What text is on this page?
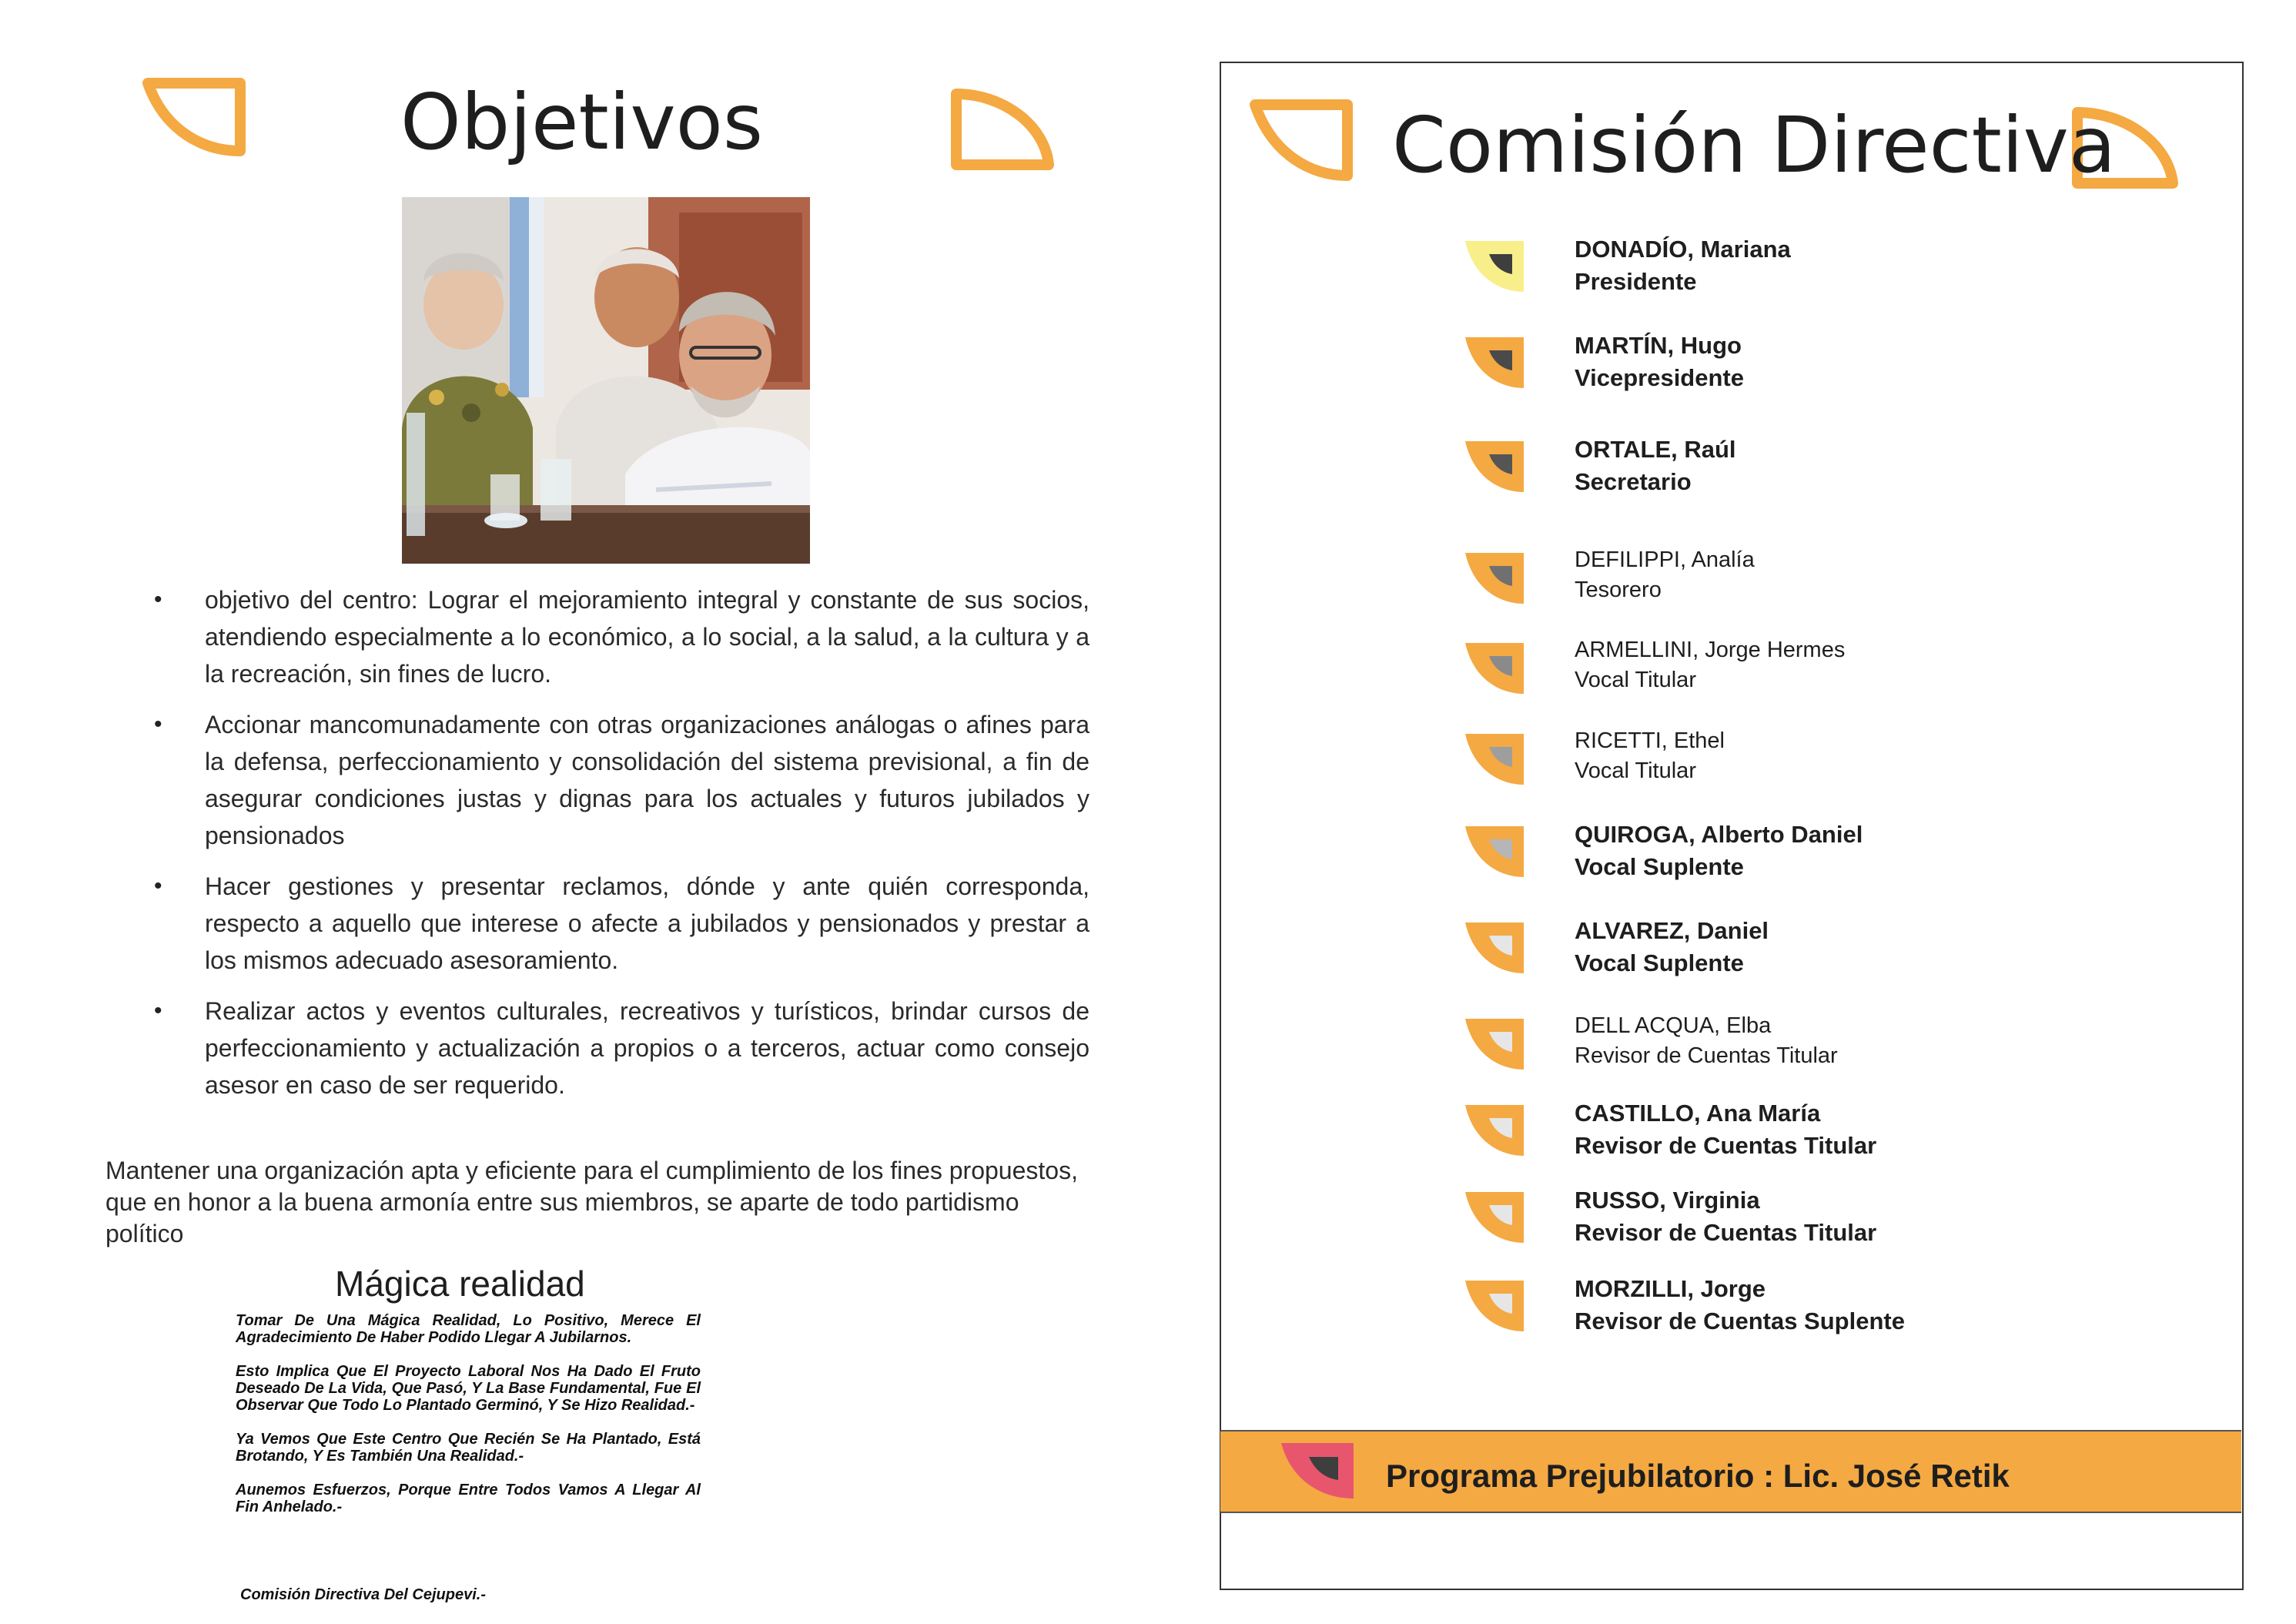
Objetivos
• objetivo del centro: Lograr el mejoramiento integral y constante de sus socios, atendiendo especialmente a lo económico, a lo social, a la salud, a la cultura y a la recreación, sin fines de lucro.
• Accionar mancomunadamente con otras organizaciones análogas o afines para la defensa, perfeccionamiento y consolidación del sistema previsional, a fin de asegurar condiciones justas y dignas para los actuales y futuros jubilados y pensionados
• Hacer gestiones y presentar reclamos, dónde y ante quién corresponda, respecto a aquello que interese o afecte a jubilados y pensionados y prestar a los mismos adecuado asesoramiento.
• Realizar actos y eventos culturales, recreativos y turísticos, brindar cursos de perfeccionamiento y actualización a propios o a terceros, actuar como consejo asesor en caso de ser requerido.
Mantener una organización apta y eficiente para el cumplimiento de los fines propuestos, que en honor a la buena armonía entre sus miembros, se aparte de todo partidismo político
Mágica realidad

Tomar De Una Mágica Realidad, Lo Positivo, Merece El Agradecimiento De Haber Podido Llegar A Jubilarnos.

Esto Implica Que El Proyecto Laboral Nos Ha Dado El Fruto Deseado De La Vida, Que Pasó, Y La Base Fundamental, Fue El Observar Que Todo Lo Plantado Germinó, Y Se Hizo Realidad.-

Ya Vemos Que Este Centro Que Recién Se Ha Plantado, Está Brotando, Y Es También Una Realidad.-

Aunemos Esfuerzos, Porque Entre Todos Vamos A Llegar Al Fin Anhelado.-

Comisión Directiva Del Cejupevi.-
Comisión Directiva
DONADÍO, Mariana
Presidente
MARTÍN, Hugo
Vicepresidente
ORTALE, Raúl
Secretario
DEFILIPPI, Analía
Tesorero
ARMELLINI, Jorge Hermes
Vocal Titular
RICETTI, Ethel
Vocal Titular
QUIROGA, Alberto Daniel
Vocal Suplente
ALVAREZ, Daniel
Vocal Suplente
DELL ACQUA, Elba
Revisor de Cuentas Titular
CASTILLO, Ana María
Revisor de Cuentas Titular
RUSSO, Virginia
Revisor de Cuentas Titular
MORZILLI, Jorge
Revisor de Cuentas Suplente
Programa Prejubilatorio : Lic. José Retik
